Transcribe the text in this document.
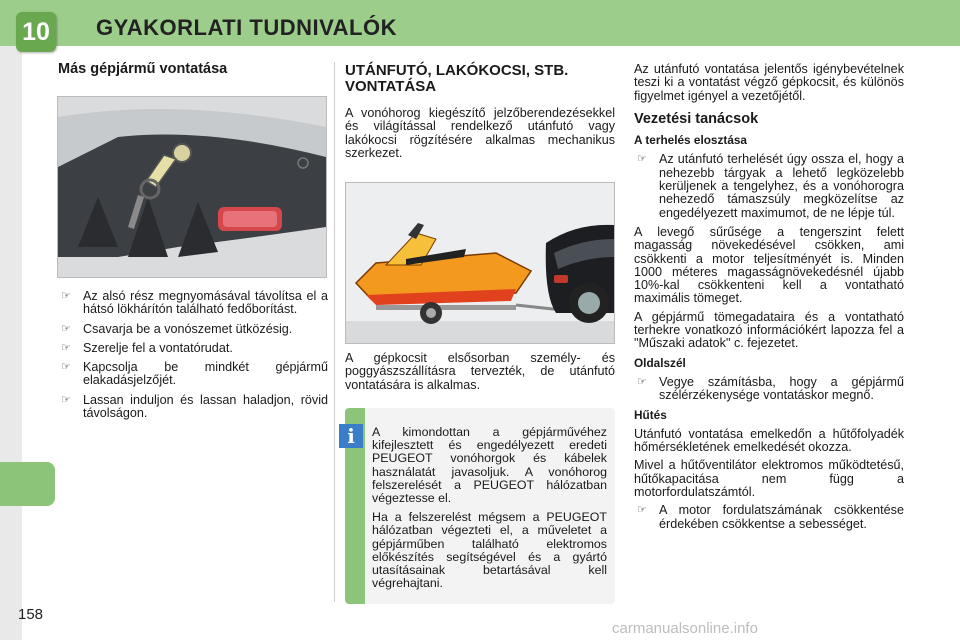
10 GYAKORLATI TUDNIVALÓK
Más gépjármű vontatása
☞ Az alsó rész megnyomásával távolítsa el a hátsó lökhárítón található fedőborítást.
☞ Csavarja be a vonószemet ütközésig.
☞ Szerelje fel a vontatórudat.
☞ Kapcsolja be mindkét gépjármű elakadásjelzőjét.
☞ Lassan induljon és lassan haladjon, rövid távolságon.
UTÁNFUTÓ, LAKÓKOCSI, STB. VONTATÁSA

A vonóhorog kiegészítő jelzőberendezésekkel és világítással rendelkező utánfutó vagy lakókocsi rögzítésére alkalmas mechanikus szerkezet.

A gépkocsit elsősorban személy- és poggyászszállításra tervezték, de utánfutó vontatására is alkalmas.

A kimondottan a gépjárművéhez kifejlesztett és engedélyezett eredeti PEUGEOT vonóhorgok és kábelek használatát javasoljuk. A vonóhorog felszerelését a PEUGEOT hálózatban végeztesse el.

Ha a felszerelést mégsem a PEUGEOT hálózatban végezteti el, a műveletet a gépjárműben található elektromos előkészítés segítségével és a gyártó utasításainak betartásával kell végrehajtani.

i

Az utánfutó vontatása jelentős igénybevételnek teszi ki a vontatást végző gépkocsit, és különös figyelmet igényel a vezetőjétől.

Vezetési tanácsok
A terhelés elosztása
☞ Az utánfutó terhelését úgy ossza el, hogy a nehezebb tárgyak a lehető legközelebb kerüljenek a tengelyhez, és a vonóhorogra nehezedő támaszsúly megközelítse az engedélyezett maximumot, de ne lépje túl.

A levegő sűrűsége a tengerszint felett magasság növekedésével csökken, ami csökkenti a motor teljesítményét is. Minden 1000 méteres magasságnövekedésnél újabb 10%-kal csökkenteni kell a vontatható maximális tömeget.

A gépjármű tömegadataira és a vontatható terhekre vonatkozó információkért lapozza fel a "Műszaki adatok" c. fejezetet.

Oldalszél
☞ Vegye számításba, hogy a gépjármű szélérzékenysége vontatáskor megnő.
Hűtés

Utánfutó vontatása emelkedőn a hűtőfolyadék hőmérsékletének emelkedését okozza.

Mivel a hűtőventilátor elektromos működtetésű, hűtőkapacitása nem függ a motorfordulatszámtól.

☞ A motor fordulatszámának csökkentése érdekében csökkentse a sebességet.
158
carmanualsonline.info
